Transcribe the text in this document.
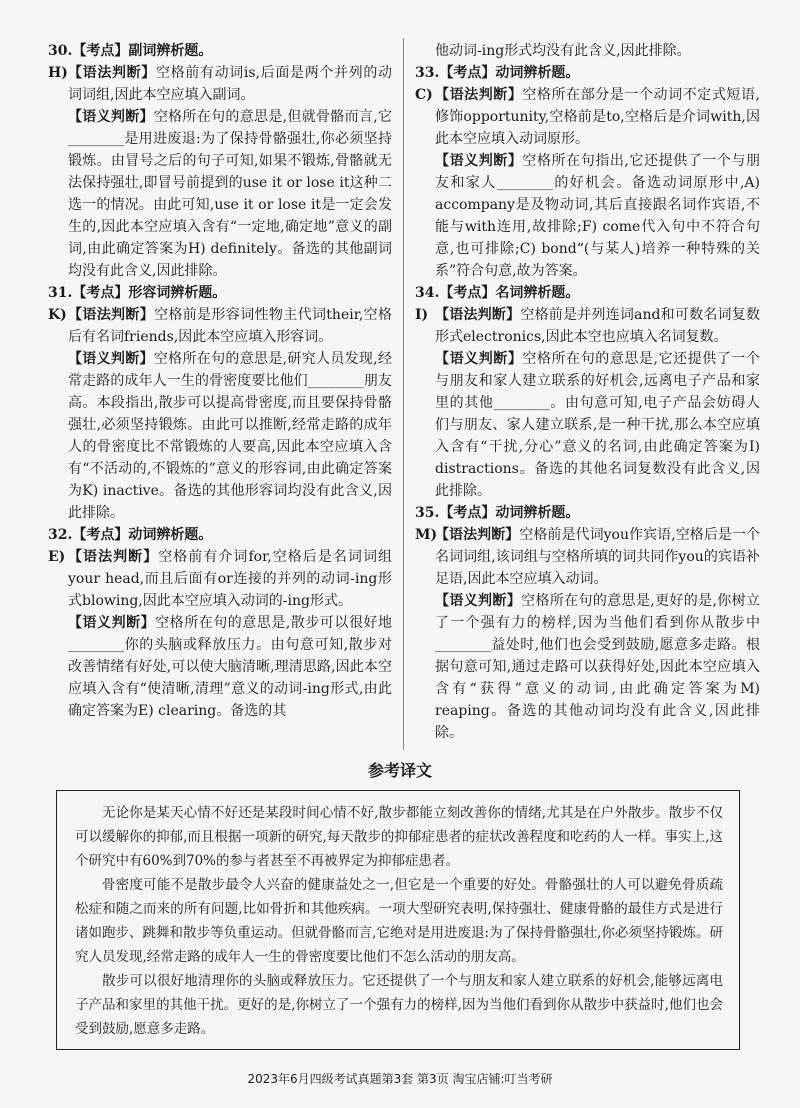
30.【考点】副词辨析题。
H) 【语法判断】空格前有动词is,后面是两个并列的动词词组,因此本空应填入副词。
【语义判断】空格所在句的意思是,但就骨骼而言,它________是用进废退:为了保持骨骼强壮,你必须坚持锻炼。由冒号之后的句子可知,如果不锻炼,骨骼就无法保持强壮,即冒号前提到的use it or lose it这种二选一的情况。由此可知,use it or lose it是一定会发生的,因此本空应填入含有“一定地,确定地”意义的副词,由此确定答案为H) definitely。备选的其他副词均没有此含义,因此排除。
31.【考点】形容词辨析题。
K) 【语法判断】空格前是形容词性物主代词their,空格后有名词friends,因此本空应填入形容词。
【语义判断】空格所在句的意思是,研究人员发现,经常走路的成年人一生的骨密度要比他们________朋友高。本段指出,散步可以提高骨密度,而且要保持骨骼强壮,必须坚持锻炼。由此可以推断,经常走路的成年人的骨密度比不常锻炼的人要高,因此本空应填入含有“不活动的,不锻炼的”意义的形容词,由此确定答案为K) inactive。备选的其他形容词均没有此含义,因此排除。
32.【考点】动词辨析题。
E) 【语法判断】空格前有介词for,空格后是名词词组your head,而且后面有or连接的并列的动词-ing形式blowing,因此本空应填入动词的-ing形式。
【语义判断】空格所在句的意思是,散步可以很好地________你的头脑或释放压力。由句意可知,散步对改善情绪有好处,可以使大脑清晰,理清思路,因此本空应填入含有“使清晰,清理”意义的动词-ing形式,由此确定答案为E) clearing。备选的其
他动词-ing形式均没有此含义,因此排除。
33.【考点】动词辨析题。
C) 【语法判断】空格所在部分是一个动词不定式短语,修饰opportunity,空格前是to,空格后是介词with,因此本空应填入动词原形。
【语义判断】空格所在句指出,它还提供了一个与朋友和家人________的好机会。备选动词原形中,A) accompany是及物动词,其后直接跟名词作宾语,不能与with连用,故排除;F) come代入句中不符合句意,也可排除;C) bond“(与某人)培养一种特殊的关系”符合句意,故为答案。
34.【考点】名词辨析题。
I) 【语法判断】空格前是并列连词and和可数名词复数形式electronics,因此本空也应填入名词复数。
【语义判断】空格所在句的意思是,它还提供了一个与朋友和家人建立联系的好机会,远离电子产品和家里的其他________。由句意可知,电子产品会妨碍人们与朋友、家人建立联系,是一种干扰,那么本空应填入含有“干扰,分心”意义的名词,由此确定答案为I) distractions。备选的其他名词复数没有此含义,因此排除。
35.【考点】动词辨析题。
M)
【语法判断】空格前是代词you作宾语,空格后是一个名词词组,该词组与空格所填的词共同作you的宾语补足语,因此本空应填入动词。
【语义判断】空格所在句的意思是,更好的是,你树立了一个强有力的榜样,因为当他们看到你从散步中________益处时,他们也会受到鼓励,愿意多走路。根据句意可知,通过走路可以获得好处,因此本空应填入含有“获得”意义的动词,由此确定答案为M) reaping。备选的其他动词均没有此含义,因此排除。
参考译文

无论你是某天心情不好还是某段时间心情不好,散步都能立刻改善你的情绪,尤其是在户外散步。散步不仅可以缓解你的抑郁,而且根据一项新的研究,每天散步的抑郁症患者的症状改善程度和吃药的人一样。事实上,这个研究中有60%到70%的参与者甚至不再被界定为抑郁症患者。

骨密度可能不是散步最令人兴奋的健康益处之一,但它是一个重要的好处。骨骼强壮的人可以避免骨质疏松症和随之而来的所有问题,比如骨折和其他疾病。一项大型研究表明,保持强壮、健康骨骼的最佳方式是进行诸如跑步、跳舞和散步等负重运动。但就骨骼而言,它绝对是用进废退:为了保持骨骼强壮,你必须坚持锻炼。研究人员发现,经常走路的成年人一生的骨密度要比他们不怎么活动的朋友高。

散步可以很好地清理你的头脑或释放压力。它还提供了一个与朋友和家人建立联系的好机会,能够远离电子产品和家里的其他干扰。更好的是,你树立了一个强有力的榜样,因为当他们看到你从散步中获益时,他们也会受到鼓励,愿意多走路。

2023年6月四级考试真题第3套 第3页 淘宝店铺:叮当考研
